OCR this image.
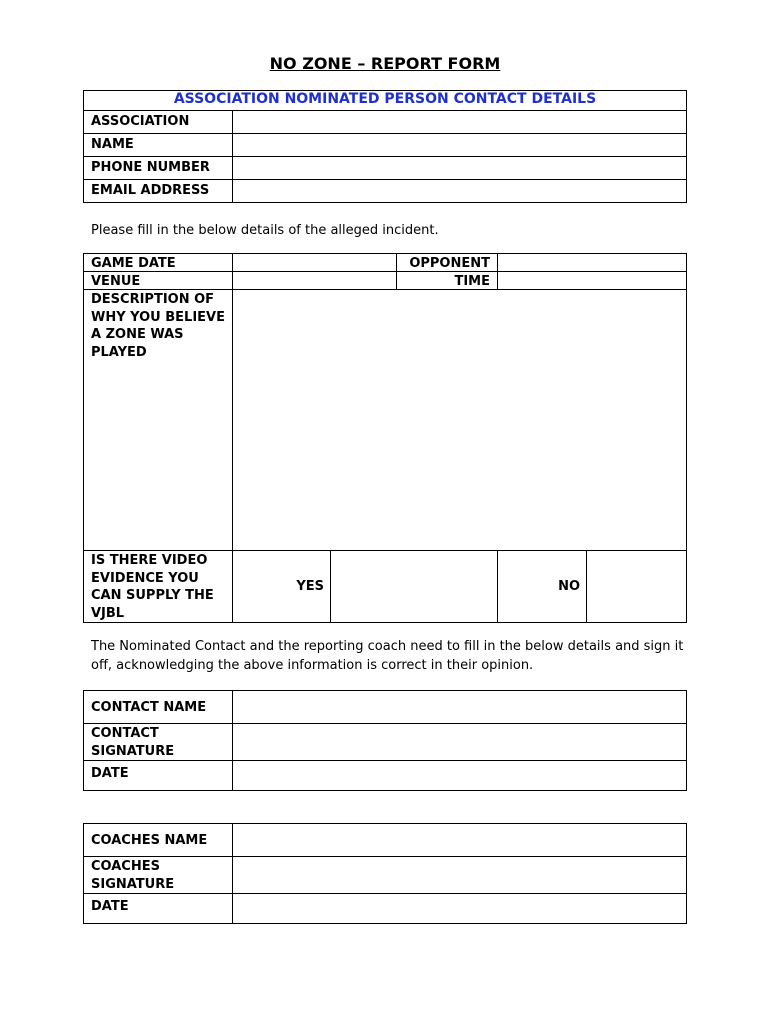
NO ZONE – REPORT FORM
ASSOCIATION NOMINATED PERSON CONTACT DETAILS	
ASSOCIATION	
NAME	
PHONE NUMBER	
EMAIL ADDRESS	
Please fill in the below details of the alleged incident.
GAME DATE			OPPONENT		
VENUE			TIME		
DESCRIPTION OF WHY YOU BELIEVE A ZONE WAS PLAYED					
IS THERE VIDEO EVIDENCE YOU CAN SUPPLY THE VJBL	YES			NO	
The Nominated Contact and the reporting coach need to fill in the below details and sign it off, acknowledging the above information is correct in their opinion.
CONTACT NAME	
CONTACT SIGNATURE	
DATE	
COACHES NAME	
COACHES SIGNATURE	
DATE	
